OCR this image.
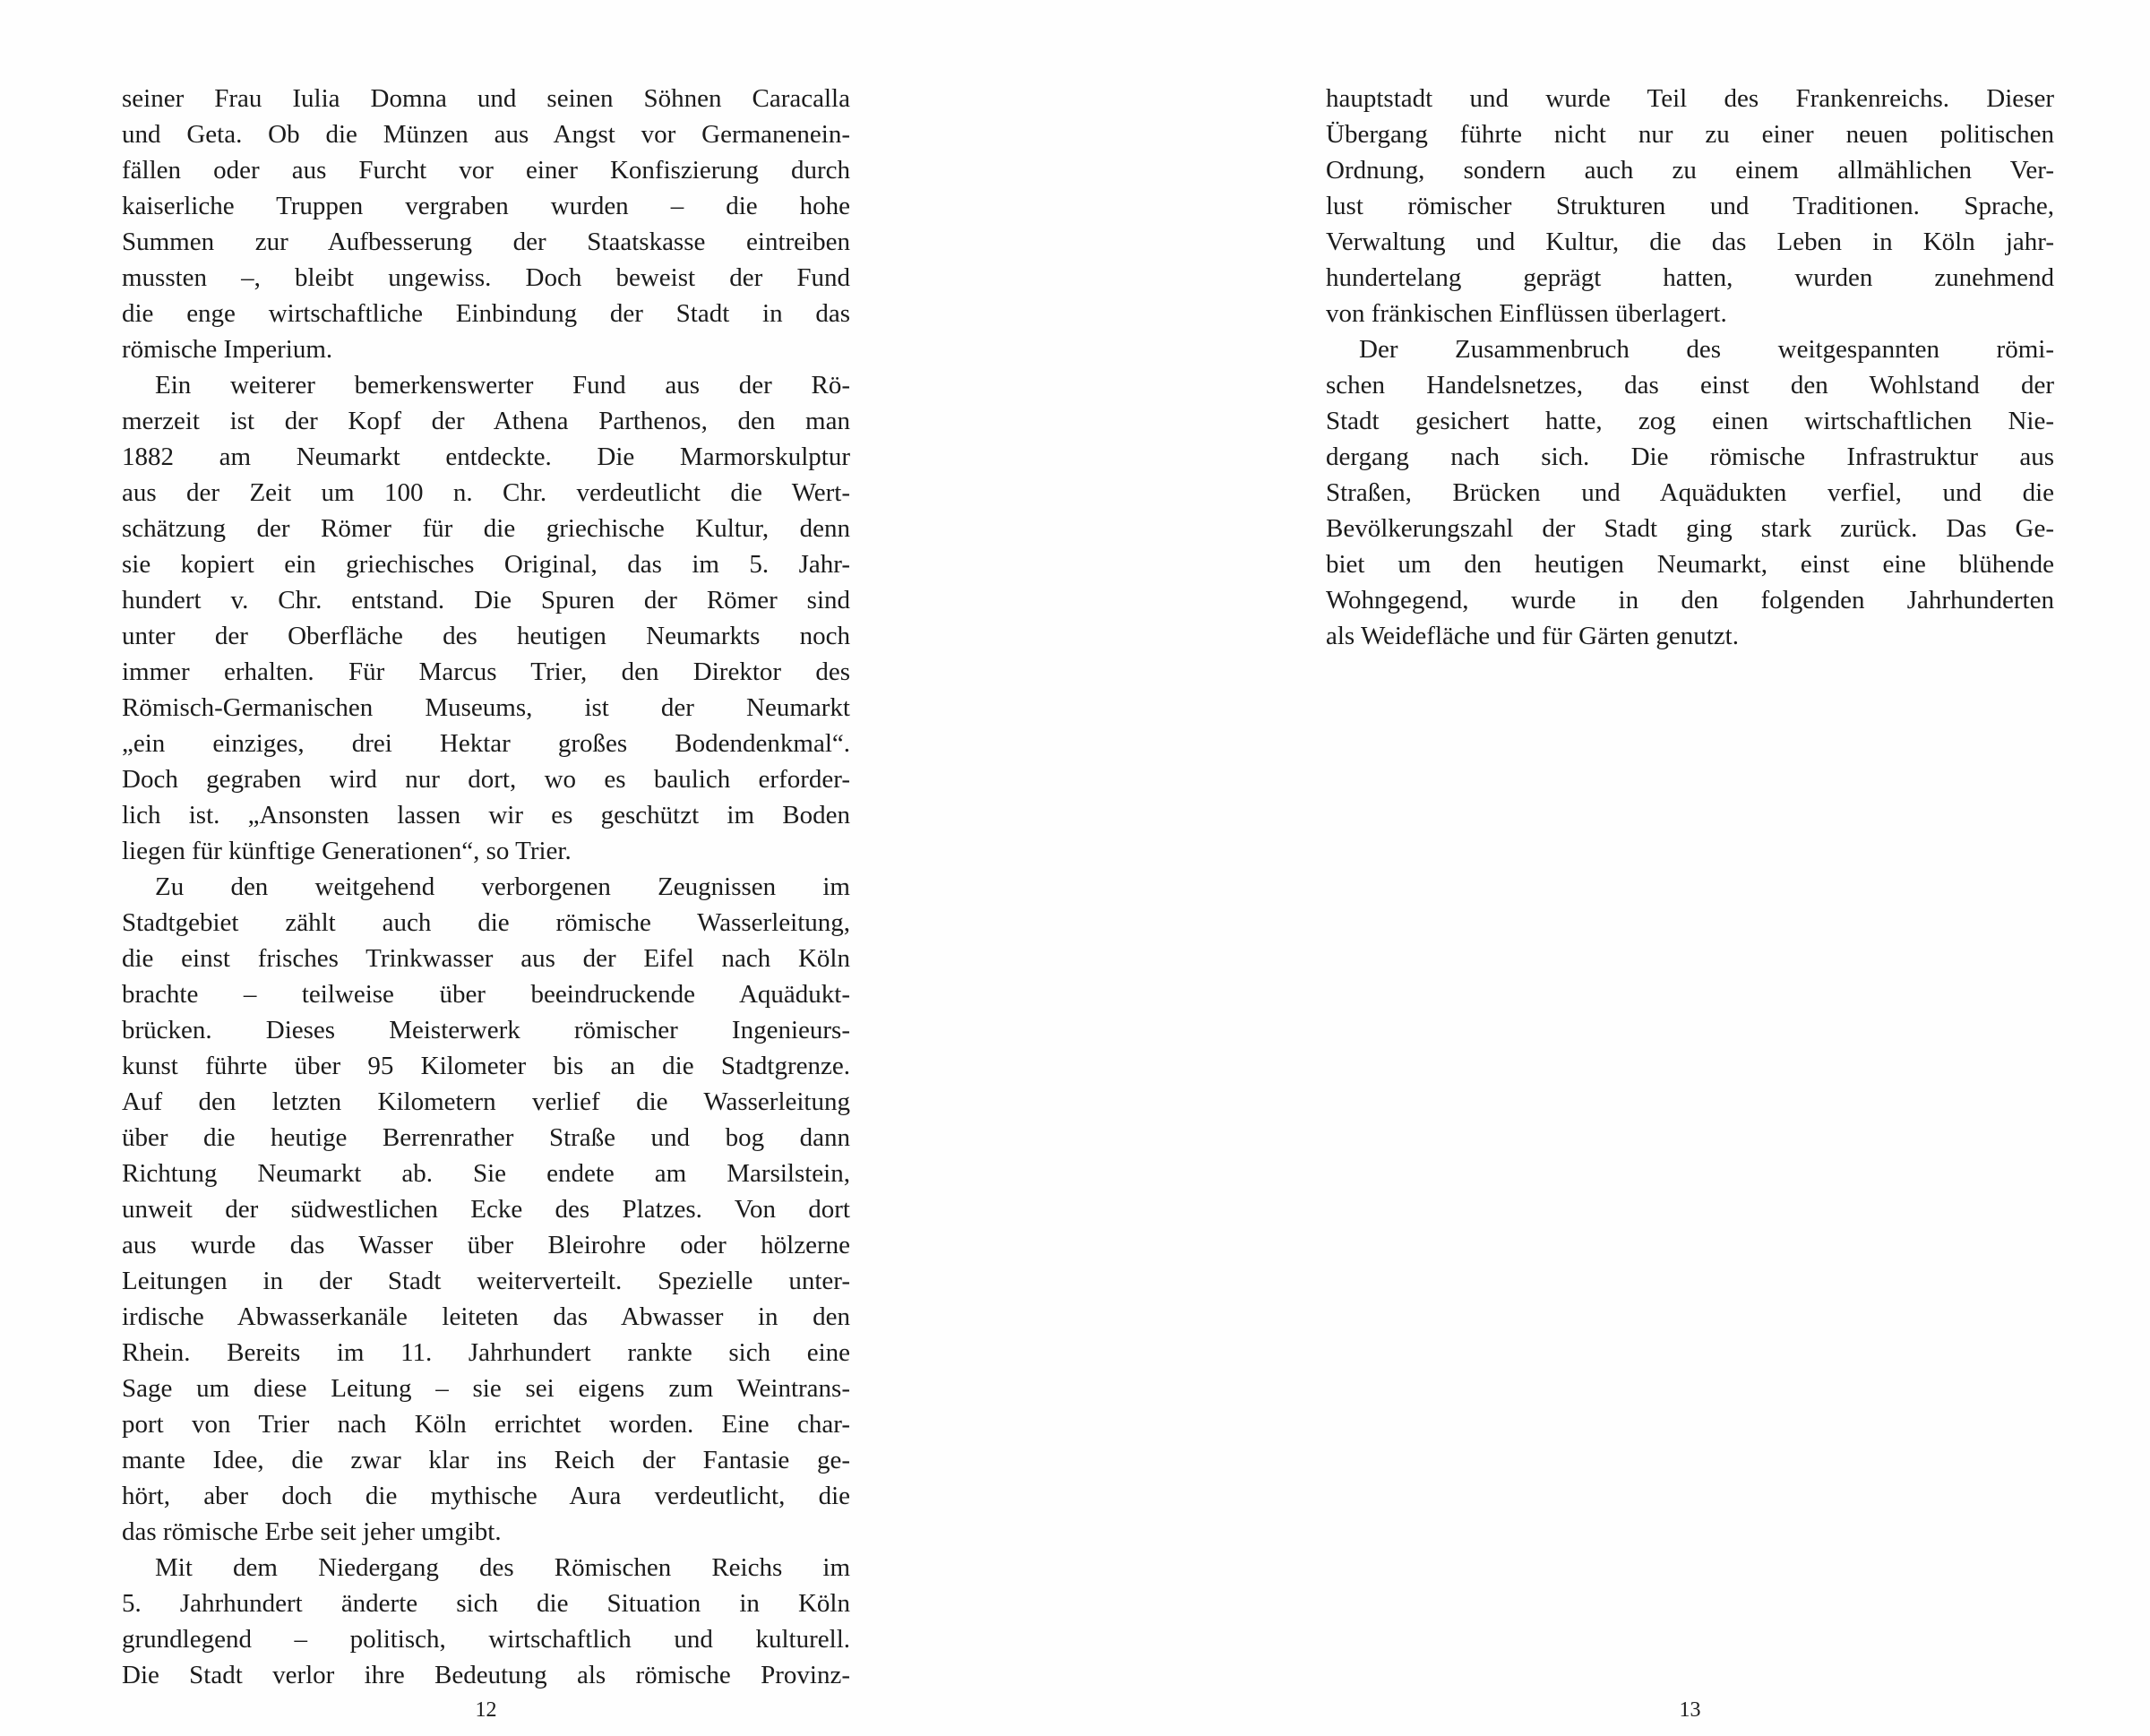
seiner Frau Iulia Domna und seinen Söhnen Caracalla
und Geta. Ob die Münzen aus Angst vor Germanenein-
fällen oder aus Furcht vor einer Konfiszierung durch
kaiserliche Truppen vergraben wurden – die hohe
Summen zur Aufbesserung der Staatskasse eintreiben
mussten –, bleibt ungewiss. Doch beweist der Fund
die enge wirtschaftliche Einbindung der Stadt in das
römische Imperium.
Ein weiterer bemerkenswerter Fund aus der Rö-
merzeit ist der Kopf der Athena Parthenos, den man
1882 am Neumarkt entdeckte. Die Marmorskulptur
aus der Zeit um 100 n. Chr. verdeutlicht die Wert-
schätzung der Römer für die griechische Kultur, denn
sie kopiert ein griechisches Original, das im 5. Jahr-
hundert v. Chr. entstand. Die Spuren der Römer sind
unter der Oberfläche des heutigen Neumarkts noch
immer erhalten. Für Marcus Trier, den Direktor des
Römisch-Germanischen Museums, ist der Neumarkt
„ein einziges, drei Hektar großes Bodendenkmal“.
Doch gegraben wird nur dort, wo es baulich erforder-
lich ist. „Ansonsten lassen wir es geschützt im Boden
liegen für künftige Generationen“, so Trier.
Zu den weitgehend verborgenen Zeugnissen im
Stadtgebiet zählt auch die römische Wasserleitung,
die einst frisches Trinkwasser aus der Eifel nach Köln
brachte – teilweise über beeindruckende Aquädukt-
brücken. Dieses Meisterwerk römischer Ingenieurs-
kunst führte über 95 Kilometer bis an die Stadtgrenze.
Auf den letzten Kilometern verlief die Wasserleitung
über die heutige Berrenrather Straße und bog dann
Richtung Neumarkt ab. Sie endete am Marsilstein,
unweit der südwestlichen Ecke des Platzes. Von dort
aus wurde das Wasser über Bleirohre oder hölzerne
Leitungen in der Stadt weiterverteilt. Spezielle unter-
irdische Abwasserkanäle leiteten das Abwasser in den
Rhein. Bereits im 11. Jahrhundert rankte sich eine
Sage um diese Leitung – sie sei eigens zum Weintrans-
port von Trier nach Köln errichtet worden. Eine char-
mante Idee, die zwar klar ins Reich der Fantasie ge-
hört, aber doch die mythische Aura verdeutlicht, die
das römische Erbe seit jeher umgibt.
Mit dem Niedergang des Römischen Reichs im
5. Jahrhundert änderte sich die Situation in Köln
grundlegend – politisch, wirtschaftlich und kulturell.
Die Stadt verlor ihre Bedeutung als römische Provinz-
12
hauptstadt und wurde Teil des Frankenreichs. Dieser
Übergang führte nicht nur zu einer neuen politischen
Ordnung, sondern auch zu einem allmählichen Ver-
lust römischer Strukturen und Traditionen. Sprache,
Verwaltung und Kultur, die das Leben in Köln jahr-
hundertelang geprägt hatten, wurden zunehmend
von fränkischen Einflüssen überlagert.
Der Zusammenbruch des weitgespannten römi-
schen Handelsnetzes, das einst den Wohlstand der
Stadt gesichert hatte, zog einen wirtschaftlichen Nie-
dergang nach sich. Die römische Infrastruktur aus
Straßen, Brücken und Aquädukten verfiel, und die
Bevölkerungszahl der Stadt ging stark zurück. Das Ge-
biet um den heutigen Neumarkt, einst eine blühende
Wohngegend, wurde in den folgenden Jahrhunderten
als Weidefläche und für Gärten genutzt.
13
